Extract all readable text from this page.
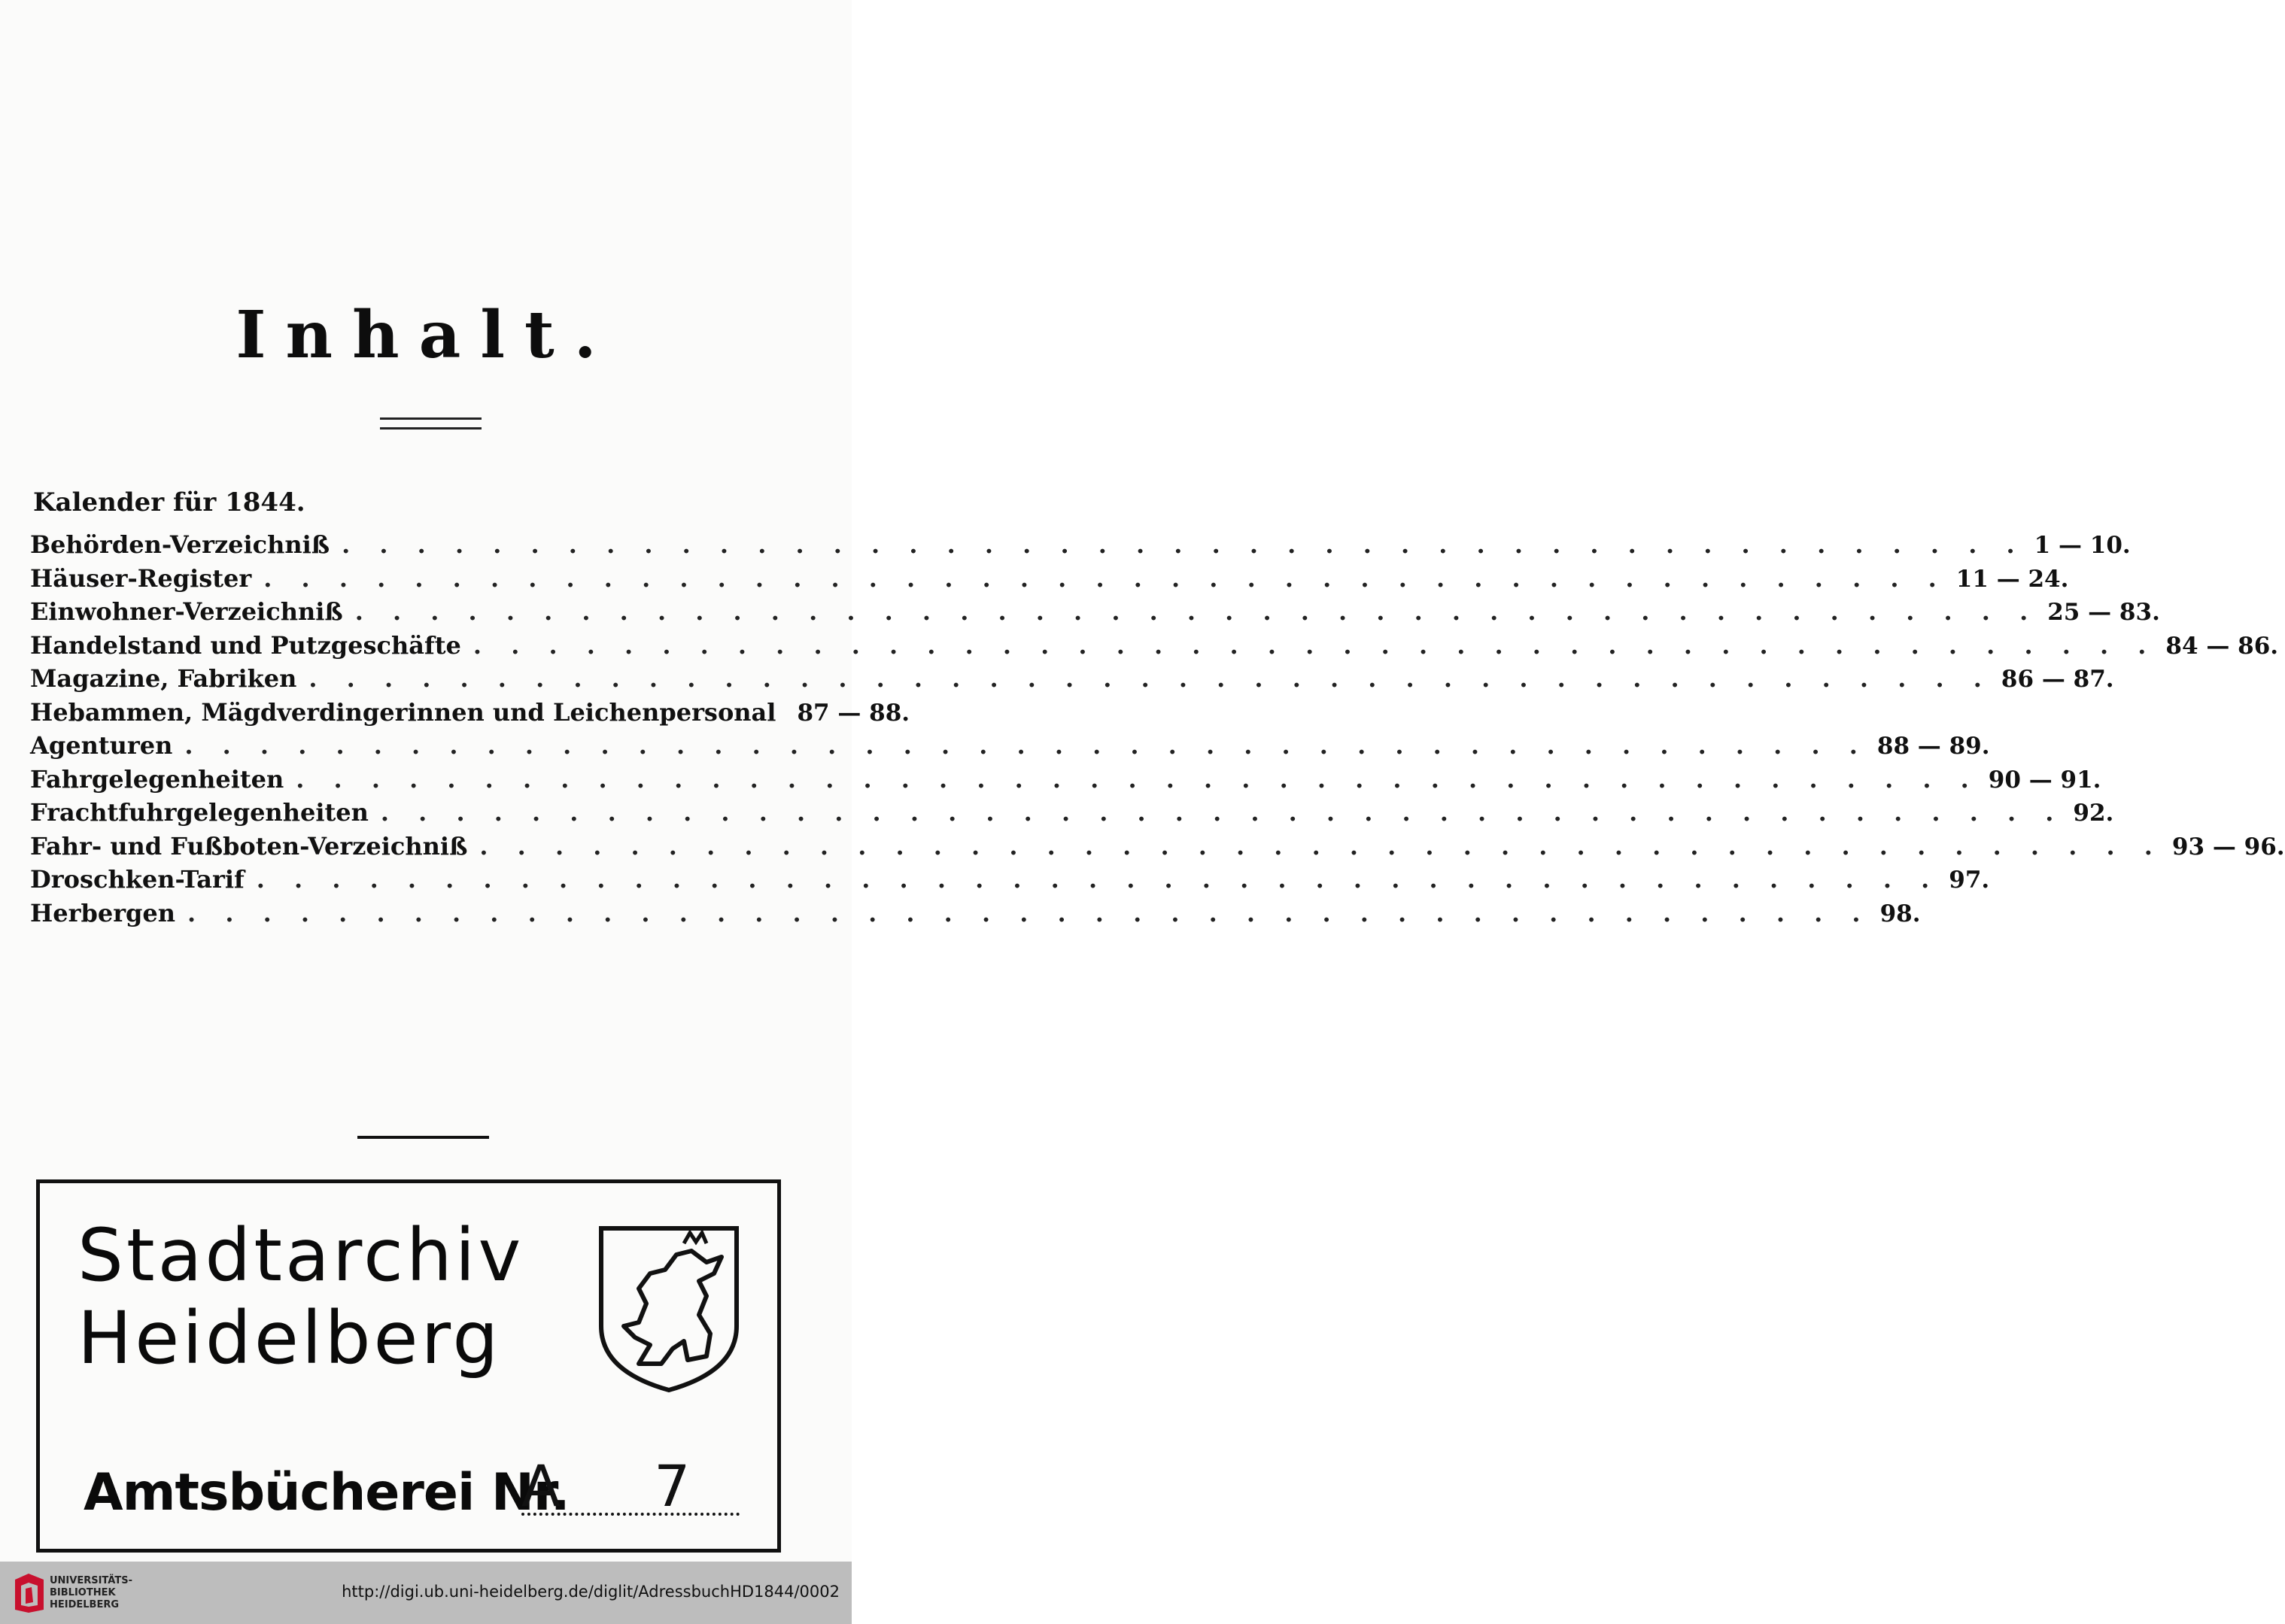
Inhalt.
Kalender für 1844.
Behörden-Verzeichniß . . .	1 — 10.
Häuser-Register . . .	11 — 24.
Einwohner-Verzeichniß . . .	25 — 83.
Handelstand und Putzgeschäfte . . .	84 — 86.
Magazine, Fabriken . . .	86 — 87.
Hebammen, Mägdverdingerinnen und Leichenpersonal 87 — 88.
Agenturen . . .	88 — 89.
Fahrgelegenheiten . . .	90 — 91.
Frachtfuhrgelegenheiten . . .	92.
Fahr- und Fußboten-Verzeichniß . . .	93 — 96.
Droschken-Tarif . . .	97.
Herbergen . . .	98.
Stadtarchiv
Heidelberg
Amtsbücherei Nr.
A 7
UNIVERSITÄTS-
BIBLIOTHEK
HEIDELBERG
http://digi.ub.uni-heidelberg.de/diglit/AdressbuchHD1844/0002
